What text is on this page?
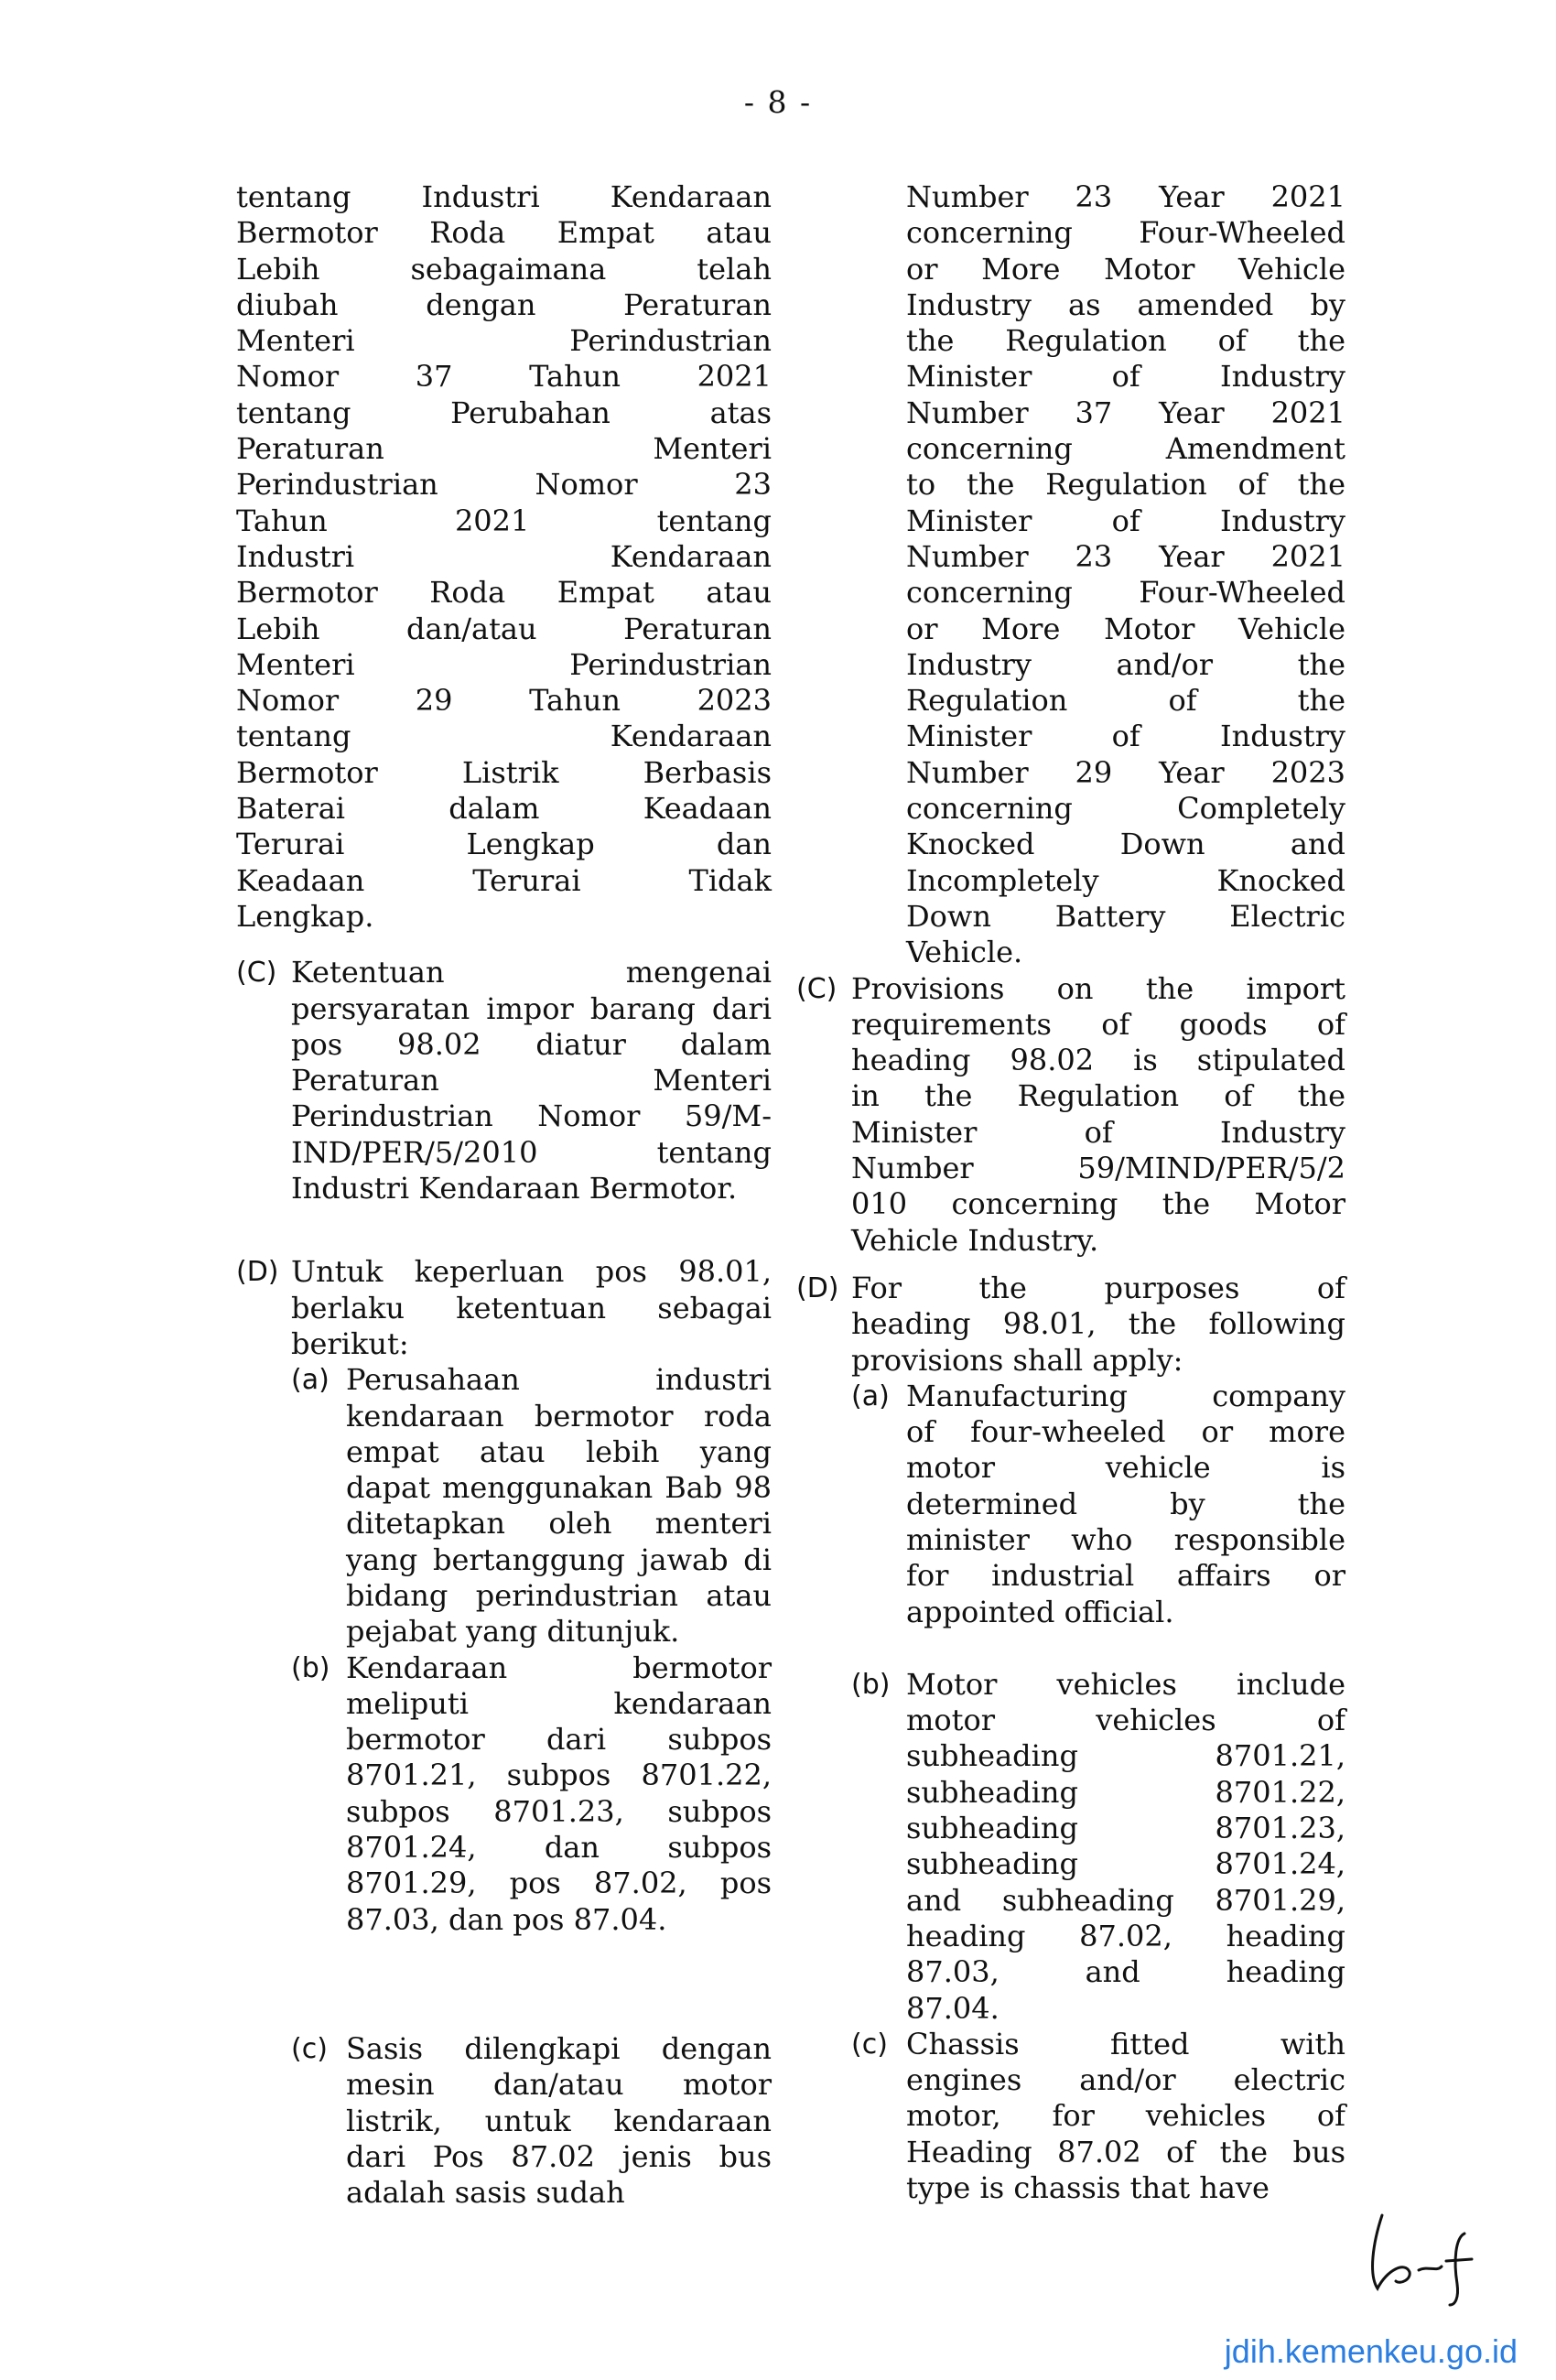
- 8 -
tentang Industri Kendaraan
Bermotor Roda Empat atau
Lebih sebagaimana telah
diubah dengan Peraturan
Menteri Perindustrian
Nomor 37 Tahun 2021
tentang Perubahan atas
Peraturan Menteri
Perindustrian Nomor 23
Tahun 2021 tentang
Industri Kendaraan
Bermotor Roda Empat atau
Lebih dan/atau Peraturan
Menteri Perindustrian
Nomor 29 Tahun 2023
tentang Kendaraan
Bermotor Listrik Berbasis
Baterai dalam Keadaan
Terurai Lengkap dan
Keadaan Terurai Tidak
Lengkap.
(C) Ketentuan mengenai
persyaratan impor barang dari
pos 98.02 diatur dalam
Peraturan Menteri
Perindustrian Nomor 59/M-
IND/PER/5/2010 tentang
Industri Kendaraan Bermotor.
(D) Untuk keperluan pos 98.01,
berlaku ketentuan sebagai
berikut:
(a) Perusahaan industri
kendaraan bermotor roda
empat atau lebih yang
dapat menggunakan Bab 98
ditetapkan oleh menteri
yang bertanggung jawab di
bidang perindustrian atau
pejabat yang ditunjuk.
(b) Kendaraan bermotor
meliputi kendaraan
bermotor dari subpos
8701.21, subpos 8701.22,
subpos 8701.23, subpos
8701.24, dan subpos
8701.29, pos 87.02, pos
87.03, dan pos 87.04.
(c) Sasis dilengkapi dengan
mesin dan/atau motor
listrik, untuk kendaraan
dari Pos 87.02 jenis bus
adalah sasis sudah
Number 23 Year 2021
concerning Four-Wheeled
or More Motor Vehicle
Industry as amended by
the Regulation of the
Minister of Industry
Number 37 Year 2021
concerning Amendment
to the Regulation of the
Minister of Industry
Number 23 Year 2021
concerning Four-Wheeled
or More Motor Vehicle
Industry and/or the
Regulation of the
Minister of Industry
Number 29 Year 2023
concerning Completely
Knocked Down and
Incompletely Knocked
Down Battery Electric
Vehicle.
(C) Provisions on the import
requirements of goods of
heading 98.02 is stipulated
in the Regulation of the
Minister of Industry
Number 59/MIND/PER/5/2
010 concerning the Motor
Vehicle Industry.
(D) For the purposes of
heading 98.01, the following
provisions shall apply:
(a) Manufacturing company
of four-wheeled or more
motor vehicle is
determined by the
minister who responsible
for industrial affairs or
appointed official.
(b) Motor vehicles include
motor vehicles of
subheading 8701.21,
subheading 8701.22,
subheading 8701.23,
subheading 8701.24,
and subheading 8701.29,
heading 87.02, heading
87.03, and heading
87.04.
(c) Chassis fitted with
engines and/or electric
motor, for vehicles of
Heading 87.02 of the bus
type is chassis that have
jdih.kemenkeu.go.id
